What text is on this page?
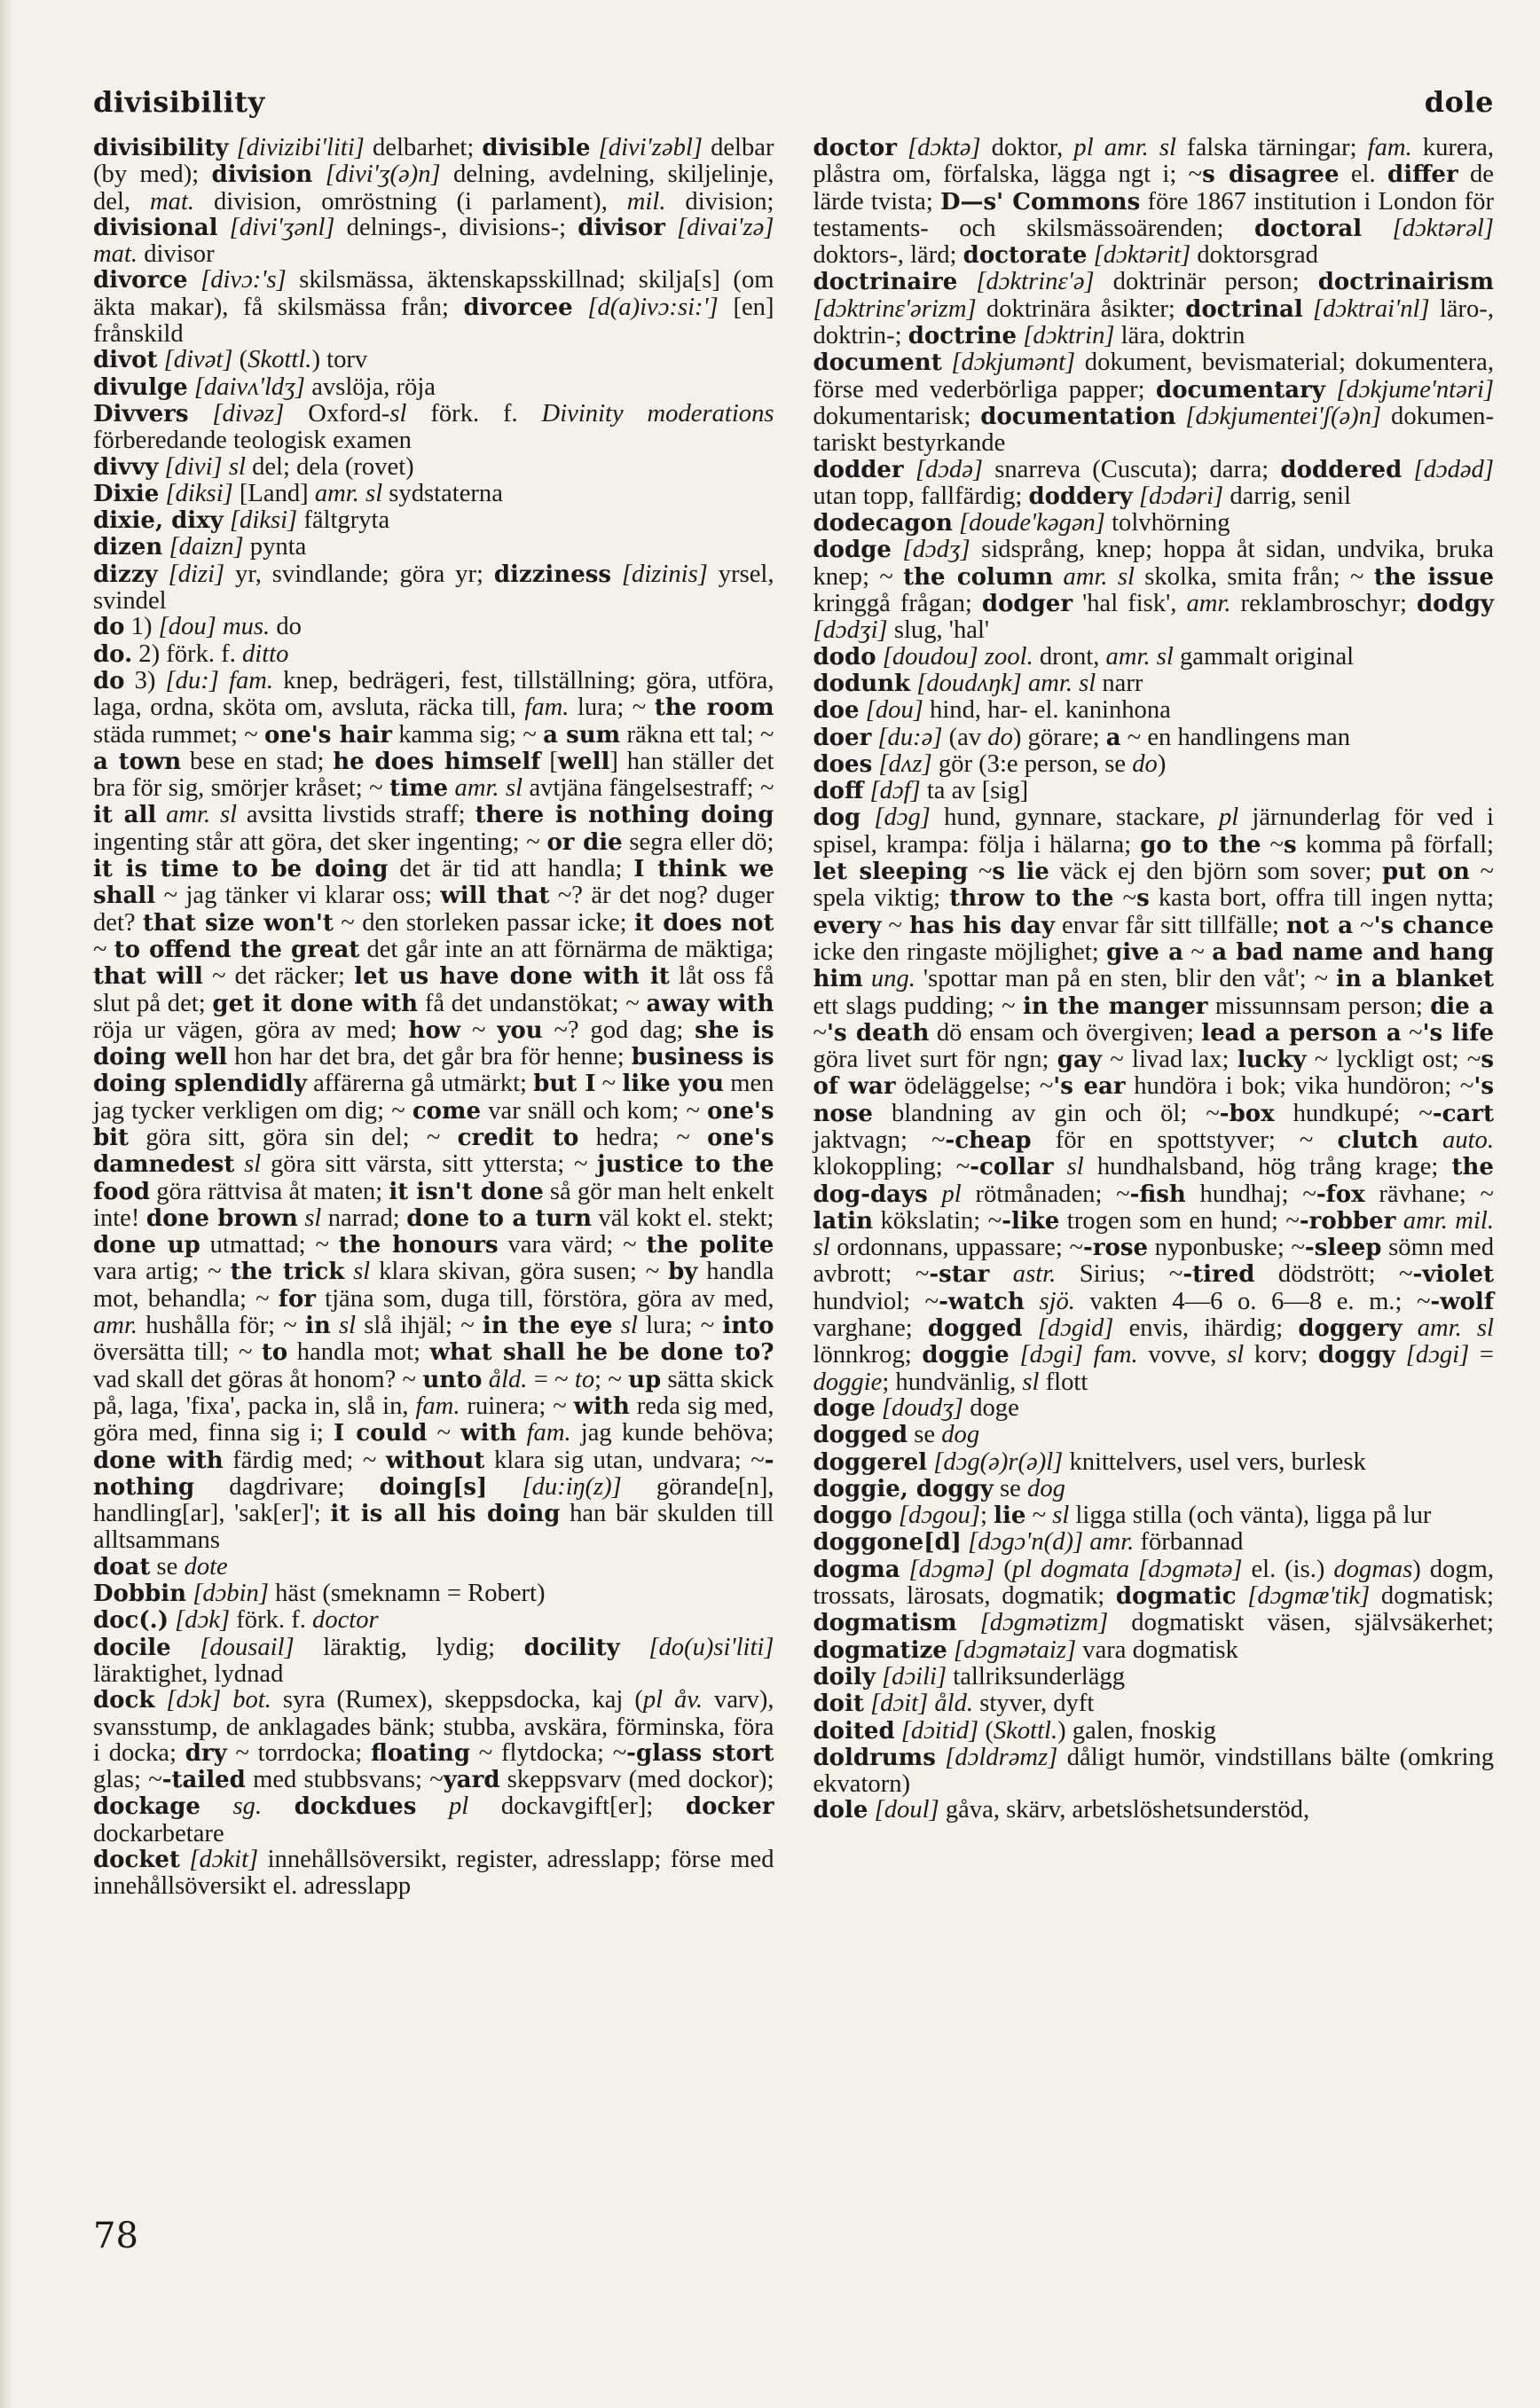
divisibility	dole

divisibility [divizibi'liti] delbarhet; divisible [divi'zəbl] delbar (by med); division [divi'ʒ(ə)n] delning, avdelning, skiljelinje, del, mat. division, omröstning (i parlament), mil. division; divisional [divi'ʒənl] delnings-, divisions-; divisor [divai'zə] mat. divisor

divorce [divɔ:'s] skilsmässa, äktenskapsskillnad; skilja[s] (om äkta makar), få skilsmässa från; divorcee [d(a)ivɔ:si:'] [en] frånskild

divot [divət] (Skottl.) torv

divulge [daivʌ'ldʒ] avslöja, röja

Divvers [divəz] Oxford-sl förk. f. Divinity moderations förberedande teologisk examen

divvy [divi] sl del; dela (rovet)

Dixie [diksi] [Land] amr. sl sydstaterna

dixie, dixy [diksi] fältgryta

dizen [daizn] pynta

dizzy [dizi] yr, svindlande; göra yr; dizziness [dizinis] yrsel, svindel

do 1) [dou] mus. do

do. 2) förk. f. ditto

do 3) [du:] fam. knep, bedrägeri, fest, tillställning; göra, utföra, laga, ordna, sköta om, avsluta, räcka till, fam. lura; ~ the room städa rummet; ~ one's hair kamma sig; ~ a sum räkna ett tal; ~ a town bese en stad; he does himself [well] han ställer det bra för sig, smörjer kråset; ~ time amr. sl avtjäna fängelsestraff; ~ it all amr. sl avsitta livstids straff; there is nothing doing ingenting står att göra, det sker ingenting; ~ or die segra eller dö; it is time to be doing det är tid att handla; I think we shall ~ jag tänker vi klarar oss; will that ~? är det nog? duger det? that size won't ~ den storleken passar icke; it does not ~ to offend the great det går inte an att förnärma de mäktiga; that will ~ det räcker; let us have done with it låt oss få slut på det; get it done with få det undanstökat; ~ away with röja ur vägen, göra av med; how ~ you ~? god dag; she is doing well hon har det bra, det går bra för henne; business is doing splendidly affärerna gå utmärkt; but I ~ like you men jag tycker verkligen om dig; ~ come var snäll och kom; ~ one's bit göra sitt, göra sin del; ~ credit to hedra; ~ one's damnedest sl göra sitt värsta, sitt yttersta; ~ justice to the food göra rättvisa åt maten; it isn't done så gör man helt enkelt inte! done brown sl narrad; done to a turn väl kokt el. stekt; done up utmattad; ~ the honours vara värd; ~ the polite vara artig; ~ the trick sl klara skivan, göra susen; ~ by handla mot, behandla; ~ for tjäna som, duga till, förstöra, göra av med, amr. hushålla för; ~ in sl slå ihjäl; ~ in the eye sl lura; ~ into översätta till; ~ to handla mot; what shall he be done to? vad skall det göras åt honom? ~ unto åld. = ~ to; ~ up sätta skick på, laga, 'fixa', packa in, slå in, fam. ruinera; ~ with reda sig med, göra med, finna sig i; I could ~ with fam. jag kunde behöva; done with färdig med; ~ without klara sig utan, undvara; ~-nothing dagdrivare; doing[s] [du:iŋ(z)] görande[n], handling[ar], 'sak[er]'; it is all his doing han bär skulden till alltsammans

doat se dote

Dobbin [dɔbin] häst (smeknamn = Robert)

doc(.) [dɔk] förk. f. doctor

docile [dousail] läraktig, lydig; docility [do(u)si'liti] läraktighet, lydnad

dock [dɔk] bot. syra (Rumex), skeppsdocka, kaj (pl åv. varv), svansstump, de anklagades bänk; stubba, avskära, förminska, föra i docka; dry ~ torrdocka; floating ~ flytdocka; ~-glass stort glas; ~-tailed med stubbsvans; ~yard skeppsvarv (med dockor); dockage sg. dockdues pl dockavgift[er]; docker dockarbetare

docket [dɔkit] innehållsöversikt, register, adresslapp; förse med innehållsöversikt el. adresslapp

doctor [dɔktə] doktor, pl amr. sl falska tärningar; fam. kurera, plåstra om, förfalska, lägga ngt i; ~s disagree el. differ de lärde tvista; D—s' Commons före 1867 institution i London för testaments- och skilsmässoärenden; doctoral [dɔktərəl] doktors-, lärd; doctorate [dɔktərit] doktorsgrad

doctrinaire [dɔktrinɛ'ə] doktrinär person; doctrinairism [dɔktrinɛ'ərizm] doktrinära åsikter; doctrinal [dɔktrai'nl] läro-, doktrin-; doctrine [dɔktrin] lära, doktrin

document [dɔkjumənt] dokument, bevismaterial; dokumentera, förse med vederbörliga papper; documentary [dɔkjume'ntəri] dokumentarisk; documentation [dɔkjumentei'ʃ(ə)n] dokumentariskt bestyrkande

dodder [dɔdə] snarreva (Cuscuta); darra; doddered [dɔdəd] utan topp, fallfärdig; doddery [dɔdəri] darrig, senil

dodecagon [doude'kəgən] tolvhörning

dodge [dɔdʒ] sidsprång, knep; hoppa åt sidan, undvika, bruka knep; ~ the column amr. sl skolka, smita från; ~ the issue kringgå frågan; dodger 'hal fisk', amr. reklambroschyr; dodgy [dɔdʒi] slug, 'hal'

dodo [doudou] zool. dront, amr. sl gammalt original

dodunk [doudʌŋk] amr. sl narr

doe [dou] hind, har- el. kaninhona

doer [du:ə] (av do) görare; a ~ en handlingens man

does [dʌz] gör (3:e person, se do)

doff [dɔf] ta av [sig]

dog [dɔg] hund, gynnare, stackare, pl järnunderlag för ved i spisel, krampa: följa i hälarna; go to the ~s komma på förfall; let sleeping ~s lie väck ej den björn som sover; put on ~ spela viktig; throw to the ~s kasta bort, offra till ingen nytta; every ~ has his day envar får sitt tillfälle; not a ~'s chance icke den ringaste möjlighet; give a ~ a bad name and hang him ung. 'spottar man på en sten, blir den våt'; ~ in a blanket ett slags pudding; ~ in the manger missunnsam person; die a ~'s death dö ensam och övergiven; lead a person a ~'s life göra livet surt för ngn; gay ~ livad lax; lucky ~ lyckligt ost; ~s of war ödeläggelse; ~'s ear hundöra i bok; vika hundöron; ~'s nose blandning av gin och öl; ~-box hundkupé; ~-cart jaktvagn; ~-cheap för en spottstyver; ~ clutch auto. klokoppling; ~-collar sl hundhalsband, hög trång krage; the dog-days pl rötmånaden; ~-fish hundhaj; ~-fox rävhane; ~ latin kökslatin; ~-like trogen som en hund; ~-robber amr. mil. sl ordonnans, uppassare; ~-rose nyponbuske; ~-sleep sömn med avbrott; ~-star astr. Sirius; ~-tired dödstrött; ~-violet hundviol; ~-watch sjö. vakten 4—6 o. 6—8 e. m.; ~-wolf varghane; dogged [dɔgid] envis, ihärdig; doggery amr. sl lönnkrog; doggie [dɔgi] fam. vovve, sl korv; doggy [dɔgi] = doggie; hundvänlig, sl flott

doge [doudʒ] doge

dogged se dog

doggerel [dɔg(ə)r(ə)l] knittelvers, usel vers, burlesk

doggie, doggy se dog

doggo [dɔgou]; lie ~ sl ligga stilla (och vänta), ligga på lur

doggone[d] [dɔgɔ'n(d)] amr. förbannad

dogma [dɔgmə] (pl dogmata [dɔgmətə] el. (is.) dogmas) dogm, trossats, lärosats, dogmatik; dogmatic [dɔgmæ'tik] dogmatisk; dogmatism [dɔgmətizm] dogmatiskt väsen, självsäkerhet; dogmatize [dɔgmətaiz] vara dogmatisk

doily [dɔili] tallriksunderlägg

doit [dɔit] åld. styver, dyft

doited [dɔitid] (Skottl.) galen, fnoskig

doldrums [dɔldrəmz] dåligt humör, vindstillans bälte (omkring ekvatorn)

dole [doul] gåva, skärv, arbetslöshetsunderstöd,

78
